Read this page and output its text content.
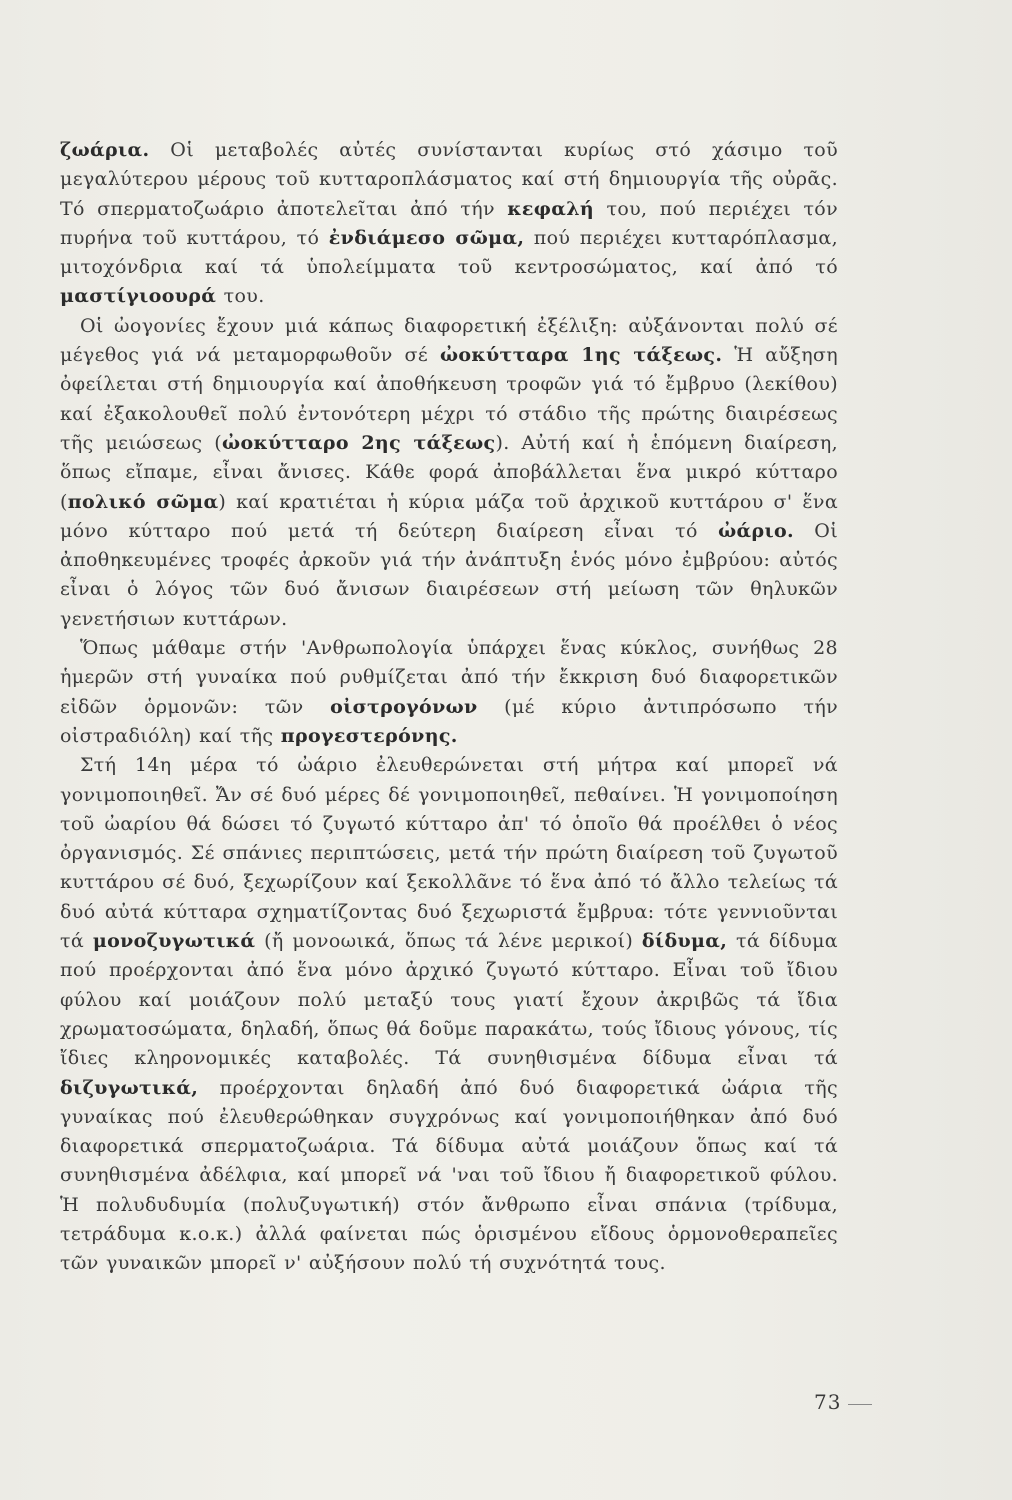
ζωάρια. Οἱ μεταβολές αὐτές συνίστανται κυρίως στό χάσιμο τοῦ μεγαλύτερου μέρους τοῦ κυτταροπλάσματος καί στή δημιουργία τῆς οὐρᾶς. Τό σπερματοζωάριο ἀποτελεῖται ἀπό τήν κεφαλή του, πού περιέχει τόν πυρήνα τοῦ κυττάρου, τό ἐνδιάμεσο σῶμα, πού περιέχει κυτταρόπλασμα, μιτοχόνδρια καί τά ὑπολείμματα τοῦ κεντροσώματος, καί ἀπό τό μαστίγιοουρά του.

Οἱ ὠογονίες ἔχουν μιά κάπως διαφορετική ἐξέλιξη: αὐξάνονται πολύ σέ μέγεθος γιά νά μεταμορφωθοῦν σέ ὠοκύτταρα 1ης τάξεως. Ἡ αὔξηση ὀφείλεται στή δημιουργία καί ἀποθήκευση τροφῶν γιά τό ἔμβρυο (λεκίθου) καί ἐξακολουθεῖ πολύ ἐντονότερη μέχρι τό στάδιο τῆς πρώτης διαιρέσεως τῆς μειώσεως (ὠοκύτταρο 2ης τάξεως). Αὐτή καί ἡ ἑπόμενη διαίρεση, ὅπως εἴπαμε, εἶναι ἄνισες. Κάθε φορά ἀποβάλλεται ἕνα μικρό κύτταρο (πολικό σῶμα) καί κρατιέται ἡ κύρια μάζα τοῦ ἀρχικοῦ κυττάρου σ' ἕνα μόνο κύτταρο πού μετά τή δεύτερη διαίρεση εἶναι τό ὠάριο. Οἱ ἀποθηκευμένες τροφές ἀρκοῦν γιά τήν ἀνάπτυξη ἑνός μόνο ἐμβρύου: αὐτός εἶναι ὁ λόγος τῶν δυό ἄνισων διαιρέσεων στή μείωση τῶν θηλυκῶν γενετήσιων κυττάρων.

Ὅπως μάθαμε στήν 'Ανθρωπολογία ὑπάρχει ἕνας κύκλος, συνήθως 28 ἡμερῶν στή γυναίκα πού ρυθμίζεται ἀπό τήν ἔκκριση δυό διαφορετικῶν εἰδῶν ὁρμονῶν: τῶν οἰστρογόνων (μέ κύριο ἀντιπρόσωπο τήν οἰστραδιόλη) καί τῆς προγεστερόνης.

Στή 14η μέρα τό ὠάριο ἐλευθερώνεται στή μήτρα καί μπορεῖ νά γονιμοποιηθεῖ. Ἄν σέ δυό μέρες δέ γονιμοποιηθεῖ, πεθαίνει. Ἡ γονιμοποίηση τοῦ ὠαρίου θά δώσει τό ζυγωτό κύτταρο ἀπ' τό ὁποῖο θά προέλθει ὁ νέος ὀργανισμός. Σέ σπάνιες περιπτώσεις, μετά τήν πρώτη διαίρεση τοῦ ζυγωτοῦ κυττάρου σέ δυό, ξεχωρίζουν καί ξεκολλᾶνε τό ἕνα ἀπό τό ἄλλο τελείως τά δυό αὐτά κύτταρα σχηματίζοντας δυό ξεχωριστά ἔμβρυα: τότε γεννιοῦνται τά μονοζυγωτικά (ἤ μονοωικά, ὅπως τά λένε μερικοί) δίδυμα, τά δίδυμα πού προέρχονται ἀπό ἕνα μόνο ἀρχικό ζυγωτό κύτταρο. Εἶναι τοῦ ἴδιου φύλου καί μοιάζουν πολύ μεταξύ τους γιατί ἔχουν ἀκριβῶς τά ἴδια χρωματοσώματα, δηλαδή, ὅπως θά δοῦμε παρακάτω, τούς ἴδιους γόνους, τίς ἴδιες κληρονομικές καταβολές. Τά συνηθισμένα δίδυμα εἶναι τά διζυγωτικά, προέρχονται δηλαδή ἀπό δυό διαφορετικά ὠάρια τῆς γυναίκας πού ἐλευθερώθηκαν συγχρόνως καί γονιμοποιήθηκαν ἀπό δυό διαφορετικά σπερματοζωάρια. Τά δίδυμα αὐτά μοιάζουν ὅπως καί τά συνηθισμένα ἀδέλφια, καί μπορεῖ νά 'ναι τοῦ ἴδιου ἤ διαφορετικοῦ φύλου. Ἡ πολυδυδυμία (πολυζυγωτική) στόν ἄνθρωπο εἶναι σπάνια (τρίδυμα, τετράδυμα κ.ο.κ.) ἀλλά φαίνεται πώς ὁρισμένου εἴδους ὁρμονοθεραπεῖες τῶν γυναικῶν μπορεῖ ν' αὐξήσουν πολύ τή συχνότητά τους.

73
